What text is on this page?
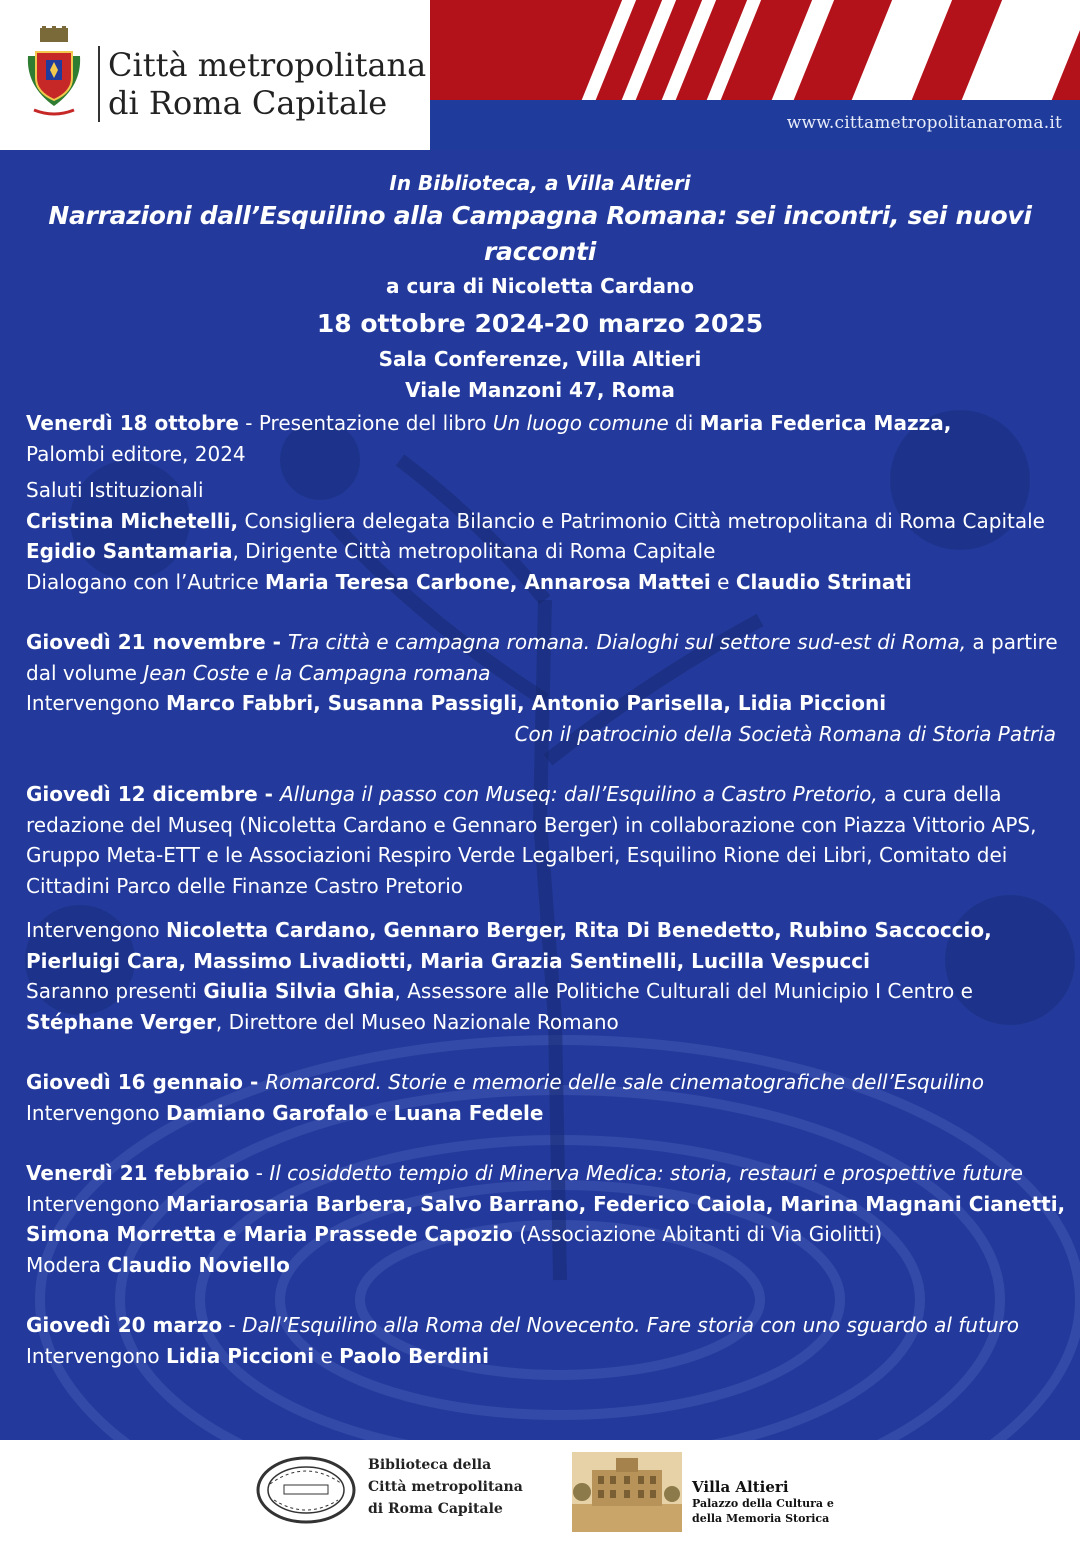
Città metropolitana
di Roma Capitale
www.cittametropolitanaroma.it
In Biblioteca, a Villa Altieri
Narrazioni dall’Esquilino alla Campagna Romana: sei incontri, sei nuovi racconti
a cura di Nicoletta Cardano
18 ottobre 2024-20 marzo 2025
Sala Conferenze, Villa Altieri
Viale Manzoni 47, Roma

Venerdì 18 ottobre - Presentazione del libro Un luogo comune di Maria Federica Mazza,

Palombi editore, 2024

Saluti Istituzionali

Cristina Michetelli, Consigliera delegata Bilancio e Patrimonio Città metropolitana di Roma Capitale

Egidio Santamaria, Dirigente Città metropolitana di Roma Capitale

Dialogano con l’Autrice Maria Teresa Carbone, Annarosa Mattei e Claudio Strinati

Giovedì 21 novembre - Tra città e campagna romana. Dialoghi sul settore sud-est di Roma, a partire dal volume Jean Coste e la Campagna romana

Intervengono Marco Fabbri, Susanna Passigli, Antonio Parisella, Lidia Piccioni

Con il patrocinio della Società Romana di Storia Patria

Giovedì 12 dicembre - Allunga il passo con Museq: dall’Esquilino a Castro Pretorio, a cura della redazione del Museq (Nicoletta Cardano e Gennaro Berger) in collaborazione con Piazza Vittorio APS, Gruppo Meta-ETT e le Associazioni Respiro Verde Legalberi, Esquilino Rione dei Libri, Comitato dei Cittadini Parco delle Finanze Castro Pretorio

Intervengono Nicoletta Cardano, Gennaro Berger, Rita Di Benedetto, Rubino Saccoccio, Pierluigi Cara, Massimo Livadiotti, Maria Grazia Sentinelli, Lucilla Vespucci

Saranno presenti Giulia Silvia Ghia, Assessore alle Politiche Culturali del Municipio I Centro e Stéphane Verger, Direttore del Museo Nazionale Romano

Giovedì 16 gennaio - Romarcord. Storie e memorie delle sale cinematografiche dell’Esquilino

Intervengono Damiano Garofalo e Luana Fedele

Venerdì 21 febbraio - Il cosiddetto tempio di Minerva Medica: storia, restauri e prospettive future

Intervengono Mariarosaria Barbera, Salvo Barrano, Federico Caiola, Marina Magnani Cianetti, Simona Morretta e Maria Prassede Capozio (Associazione Abitanti di Via Giolitti)

Modera Claudio Noviello

Giovedì 20 marzo - Dall’Esquilino alla Roma del Novecento. Fare storia con uno sguardo al futuro

Intervengono Lidia Piccioni e Paolo Berdini

Biblioteca della
Città metropolitana
di Roma Capitale
Villa Altieri
Palazzo della Cultura e
della Memoria Storica
